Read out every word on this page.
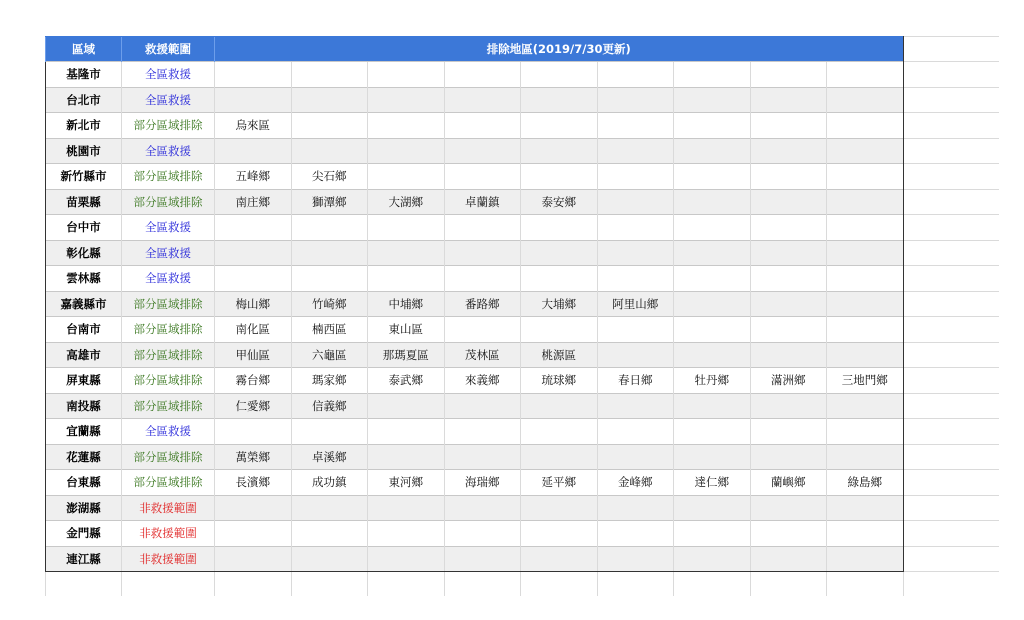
區域	救援範圍	排除地區(2019/7/30更新)									
基隆市	全區救援										
台北市	全區救援										
新北市	部分區域排除	烏來區									
桃園市	全區救援										
新竹縣市	部分區域排除	五峰鄉	尖石鄉								
苗栗縣	部分區域排除	南庄鄉	獅潭鄉	大湖鄉	卓蘭鎮	泰安鄉					
台中市	全區救援										
彰化縣	全區救援										
雲林縣	全區救援										
嘉義縣市	部分區域排除	梅山鄉	竹崎鄉	中埔鄉	番路鄉	大埔鄉	阿里山鄉				
台南市	部分區域排除	南化區	楠西區	東山區							
高雄市	部分區域排除	甲仙區	六龜區	那瑪夏區	茂林區	桃源區					
屏東縣	部分區域排除	霧台鄉	瑪家鄉	泰武鄉	來義鄉	琉球鄉	春日鄉	牡丹鄉	滿洲鄉	三地門鄉	
南投縣	部分區域排除	仁愛鄉	信義鄉								
宜蘭縣	全區救援										
花蓮縣	部分區域排除	萬榮鄉	卓溪鄉								
台東縣	部分區域排除	長濱鄉	成功鎮	東河鄉	海瑞鄉	延平鄉	金峰鄉	達仁鄉	蘭嶼鄉	綠島鄉	
澎湖縣	非救援範圍										
金門縣	非救援範圍										
連江縣	非救援範圍										
